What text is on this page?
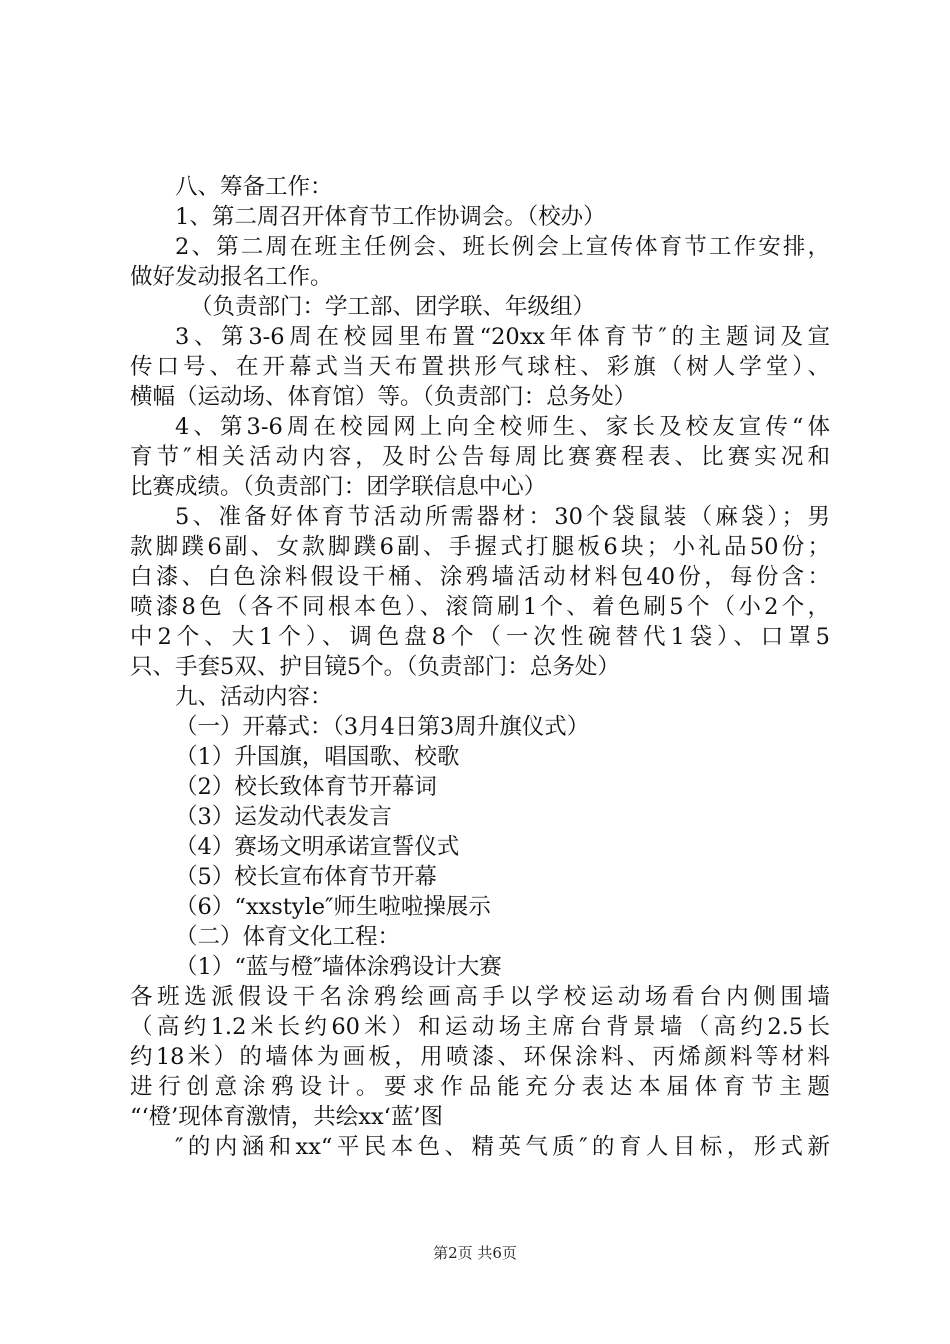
八、筹备工作：
1、第二周召开体育节工作协调会。（校办）
2、第二周在班主任例会、班长例会上宣传体育节工作安排，
做好发动报名工作。
（负责部门：学工部、团学联、年级组）
3、第3-6周在校园里布置“20xx年体育节″的主题词及宣
传口号、在开幕式当天布置拱形气球柱、彩旗（树人学堂）、
横幅（运动场、体育馆）等。（负责部门：总务处）
4、第3-6周在校园网上向全校师生、家长及校友宣传“体
育节″相关活动内容，及时公告每周比赛赛程表、比赛实况和
比赛成绩。（负责部门：团学联信息中心）
5、准备好体育节活动所需器材：30个袋鼠装（麻袋）；男
款脚蹼6副、女款脚蹼6副、手握式打腿板6块；小礼品50份；
白漆、白色涂料假设干桶、涂鸦墙活动材料包40份，每份含：
喷漆8色（各不同根本色）、滚筒刷1个、着色刷5个（小2个，
中2个、大1个）、调色盘8个（一次性碗替代1袋）、口罩5
只、手套5双、护目镜5个。（负责部门：总务处）
九、活动内容：
（一）开幕式：（3月4日第3周升旗仪式）
（1）升国旗，唱国歌、校歌
（2）校长致体育节开幕词
（3）运发动代表发言
（4）赛场文明承诺宣誓仪式
（5）校长宣布体育节开幕
（6）“xxstyle″师生啦啦操展示
（二）体育文化工程：
（1）“蓝与橙″墙体涂鸦设计大赛
各班选派假设干名涂鸦绘画高手以学校运动场看台内侧围墙
（高约1.2米长约60米）和运动场主席台背景墙（高约2.5长
约18米）的墙体为画板，用喷漆、环保涂料、丙烯颜料等材料
进行创意涂鸦设计。要求作品能充分表达本届体育节主题
“‘橙’现体育激情，共绘xx‘蓝’图
″的内涵和xx“平民本色、精英气质″的育人目标，形式新
第2页 共6页
